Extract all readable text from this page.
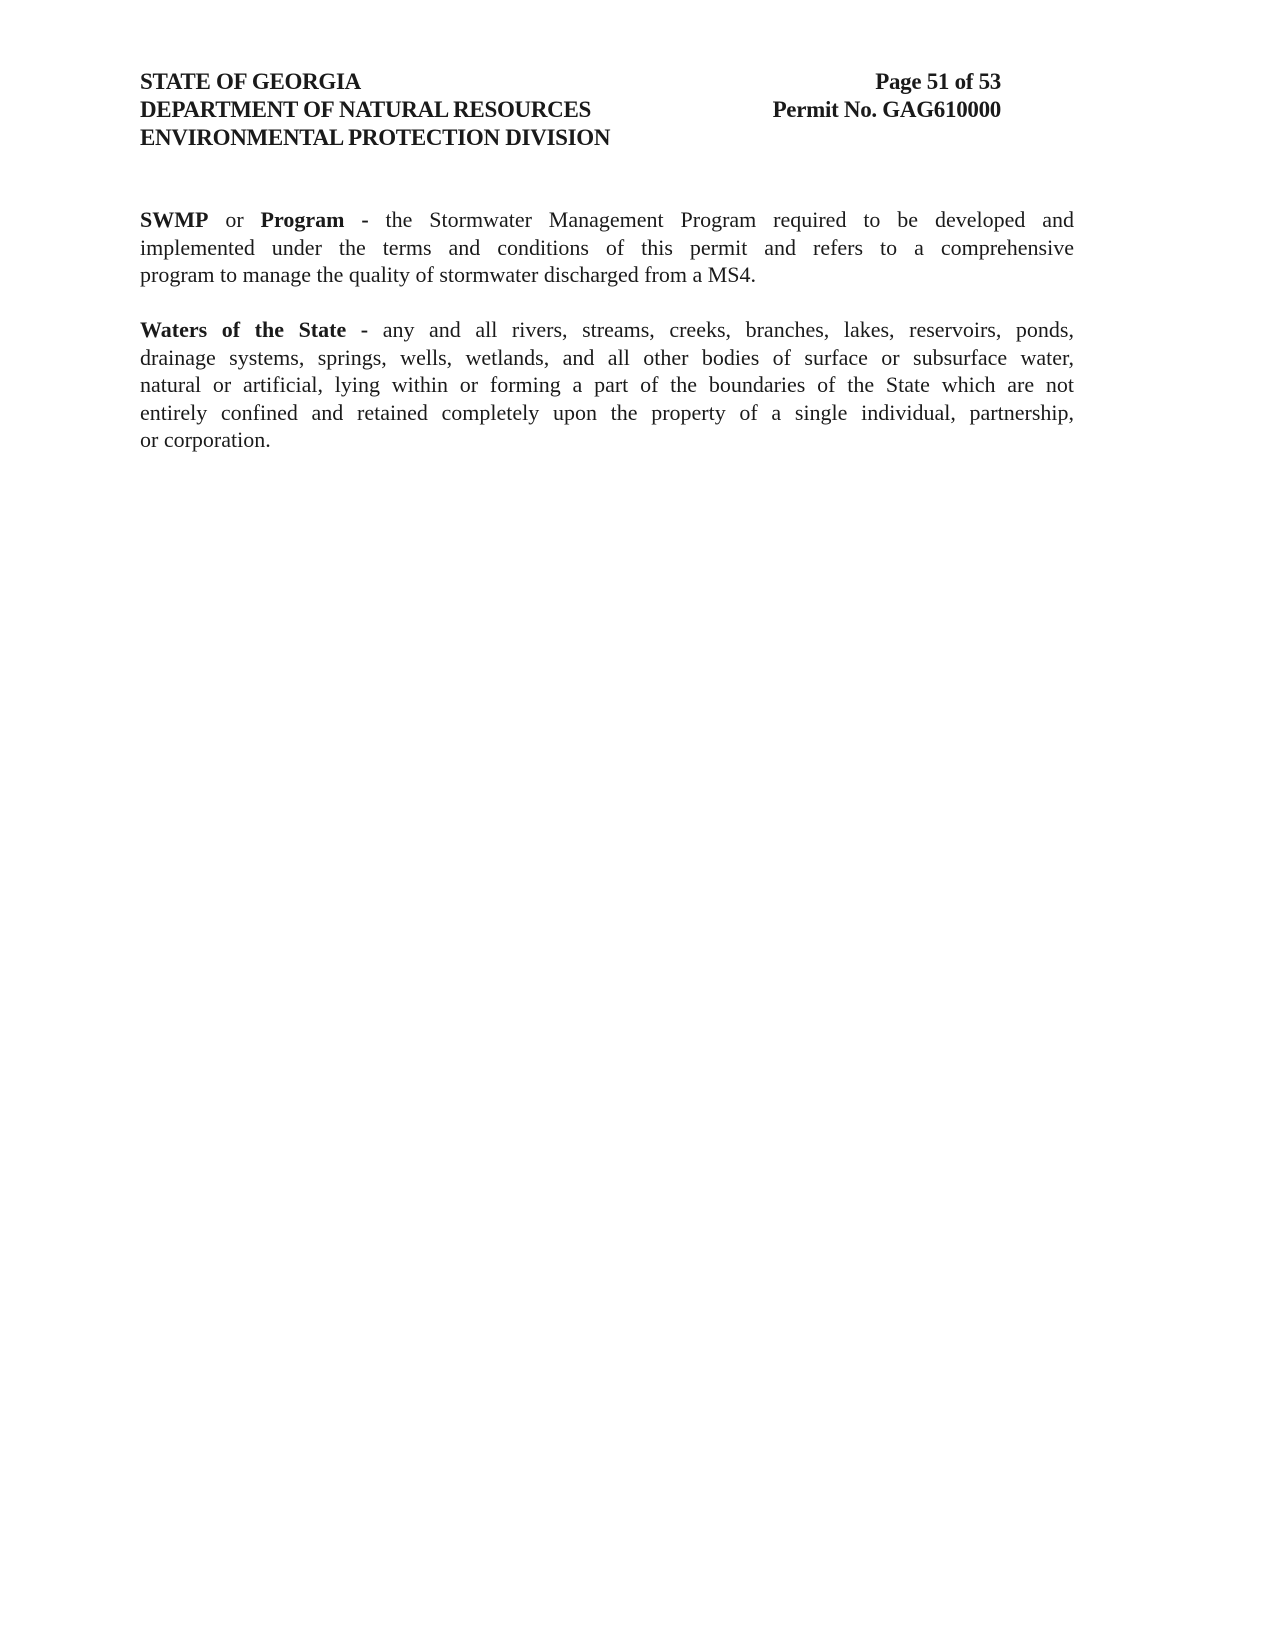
STATE OF GEORGIA
DEPARTMENT OF NATURAL RESOURCES
ENVIRONMENTAL PROTECTION DIVISION
Page 51 of 53
Permit No. GAG610000
SWMP or Program - the Stormwater Management Program required to be developed and
implemented under the terms and conditions of this permit and refers to a comprehensive
program to manage the quality of stormwater discharged from a MS4.
Waters of the State - any and all rivers, streams, creeks, branches, lakes, reservoirs, ponds,
drainage systems, springs, wells, wetlands, and all other bodies of surface or subsurface water,
natural or artificial, lying within or forming a part of the boundaries of the State which are not
entirely confined and retained completely upon the property of a single individual, partnership,
or corporation.
